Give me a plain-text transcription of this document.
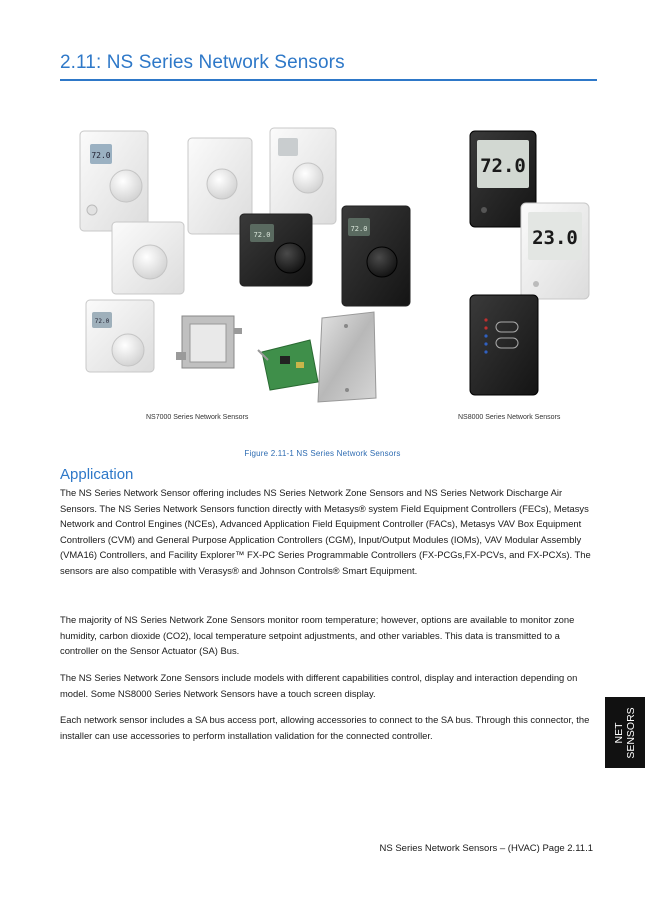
2.11: NS Series Network Sensors
72.0
72.0
72.0
72.0
72.0
23.0
NS7000 Series Network Sensors	NS8000 Series Network Sensors
Figure 2.11-1 NS Series Network Sensors
Application
The NS Series Network Sensor offering includes NS Series Network Zone Sensors and NS Series Network Discharge Air Sensors. The NS Series Network Sensors function directly with Metasys® system Field Equipment Controllers (FECs), Metasys Network and Control Engines (NCEs), Advanced Application Field Equipment Controller (FACs), Metasys VAV Box Equipment Controllers (CVM) and General Purpose Application Controllers (CGM), Input/Output Modules (IOMs), VAV Modular Assembly (VMA16) Controllers, and Facility Explorer™ FX-PC Series Programmable Controllers (FX-PCGs,FX-PCVs, and FX-PCXs). The sensors are also compatible with Verasys® and Johnson Controls® Smart Equipment.
The majority of NS Series Network Zone Sensors monitor room temperature; however, options are available to monitor zone humidity, carbon dioxide (CO2), local temperature setpoint adjustments, and other variables. This data is transmitted to a controller on the Sensor Actuator (SA) Bus.
The NS Series Network Zone Sensors include models with different capabilities control, display and interaction depending on model. Some NS8000 Series Network Sensors have a touch screen display.
Each network sensor includes a SA bus access port, allowing accessories to connect to the SA bus. Through this connector, the installer can use accessories to perform installation validation for the connected controller.	NET SENSORS
NS Series Network Sensors – (HVAC) Page 2.11.1
